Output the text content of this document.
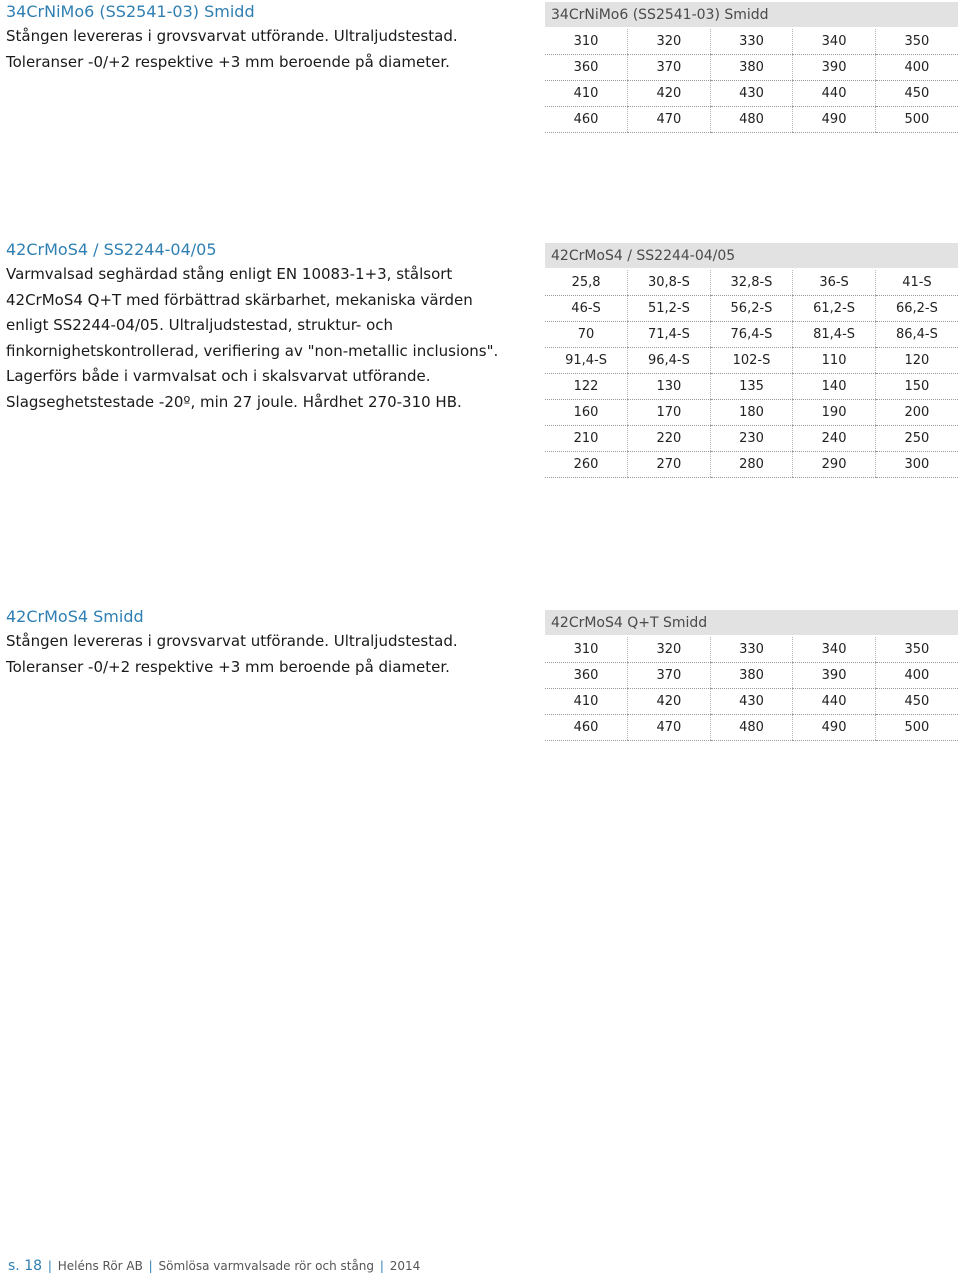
34CrNiMo6 (SS2541-03) Smidd
Stången levereras i grovsvarvat utförande. Ultraljudstestad. Toleranser -0/+2 respektive +3 mm beroende på diameter.
42CrMoS4 / SS2244-04/05
Varmvalsad seghärdad stång enligt EN 10083-1+3, stålsort 42CrMoS4 Q+T med förbättrad skärbarhet, mekaniska värden enligt SS2244-04/05. Ultraljudstestad, struktur- och finkornighetskontrollerad, verifiering av "non-metallic inclusions". Lagerförs både i varmvalsat och i skalsvarvat utförande. Slagseghetstestade -20º, min 27 joule. Hårdhet 270-310 HB.
42CrMoS4 Smidd
Stången levereras i grovsvarvat utförande. Ultraljudstestad. Toleranser -0/+2 respektive +3 mm beroende på diameter.
34CrNiMo6 (SS2541-03) Smidd				
310	320	330	340	350
360	370	380	390	400
410	420	430	440	450
460	470	480	490	500
42CrMoS4 / SS2244-04/05				
25,8	30,8-S	32,8-S	36-S	41-S
46-S	51,2-S	56,2-S	61,2-S	66,2-S
70	71,4-S	76,4-S	81,4-S	86,4-S
91,4-S	96,4-S	102-S	110	120
122	130	135	140	150
160	170	180	190	200
210	220	230	240	250
260	270	280	290	300
42CrMoS4 Q+T Smidd				
310	320	330	340	350
360	370	380	390	400
410	420	430	440	450
460	470	480	490	500
s. 18 | Heléns Rör AB | Sömlösa varmvalsade rör och stång | 2014
